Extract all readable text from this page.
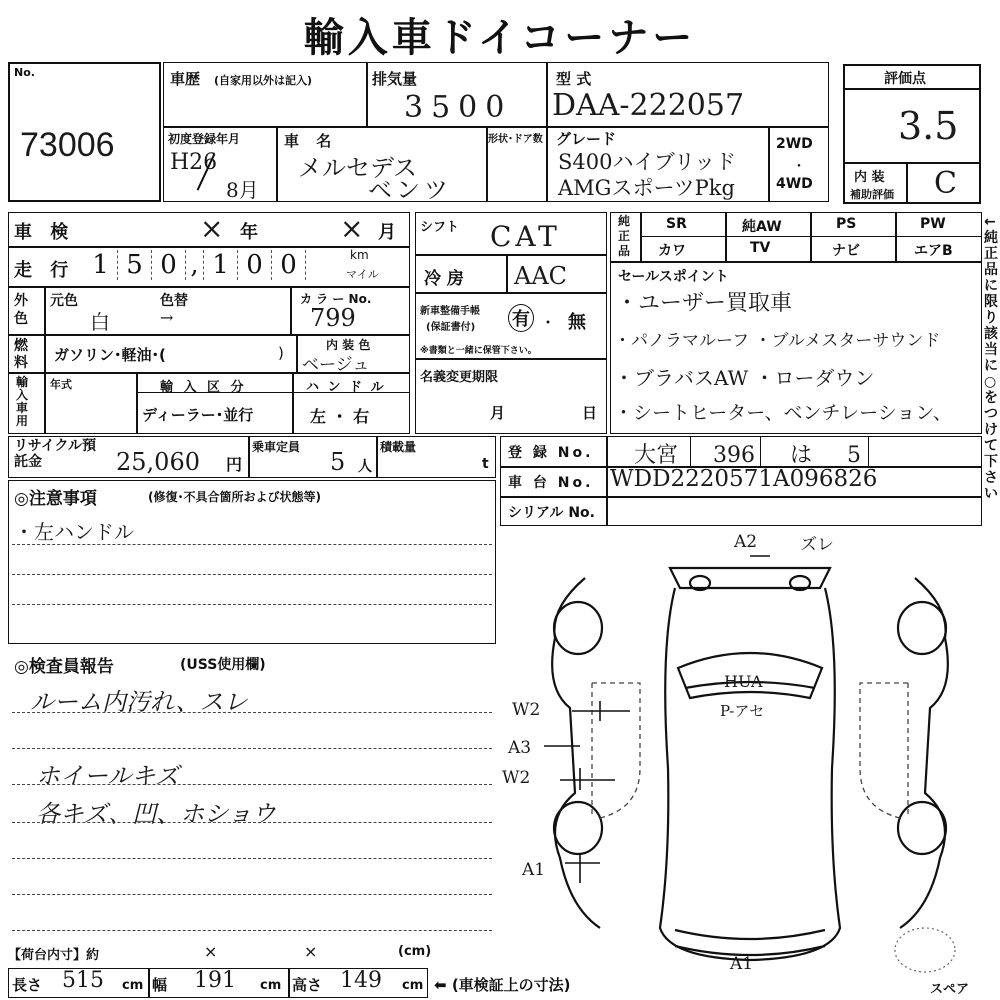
輸入車ドイコーナー
No.
73006
車歴 (自家用以外は記入)	排気量
3500
型 式
DAA-222057
初度登録年月
H26
8月
車 名
メルセデス
ベンツ
形状･ドア数 グレード
S400ハイブリッド
AMGスポーツPkg
2WD
・
4WD
評価点
3.5
内 装
補助評価 C
車 検	× 年	× 月
走 行 1 5 0 , 1 0 0	km
マイル
外色
元色	色替
白	→
カ ラ ー No.
799
燃料	ガソリン･軽油･(	)	内 装 色
ベージュ
輸入車用
年式	輸 入 区 分
ディーラー･並行
ハ ン ド ル
左 ・ 右
シフト CAT
冷 房 AAC
新車整備手帳
(保証書付) 有 ･ 無
※書類と一緒に保管下さい。
名義変更期限
月	日
純正品
SR	純AW	PS	PW
カワ	TV	ナビ	エアB
セールスポイント
・ユーザー買取車
・パノラマルーフ ・ブルメスターサウンド
・ブラバスAW ・ローダウン
・シートヒーター、ベンチレーション、
←純正品に限り該当に○をつけて下さい
リサイクル預託金	25,060 円
乗車定員
5 人
積載量
t
登 録 No. 大宮 396 は 5
車 台 No. WDD2220571A096826
シリアル No.
◎注意事項	(修復･不具合箇所および状態等)
・左ハンドル
◎検査員報告	(USS使用欄)
ルーム内汚れ、スレ
ホイールキズ
各キズ、凹、ホショウ
【荷台内寸】約	×	×	(cm)
長さ 515 cm 幅 191 cm 高さ 149 cm ⬅ (車検証上の寸法)
A2	ズレ
W2
A3
W2
A1
A1
HUA
P-アセ
スペア
